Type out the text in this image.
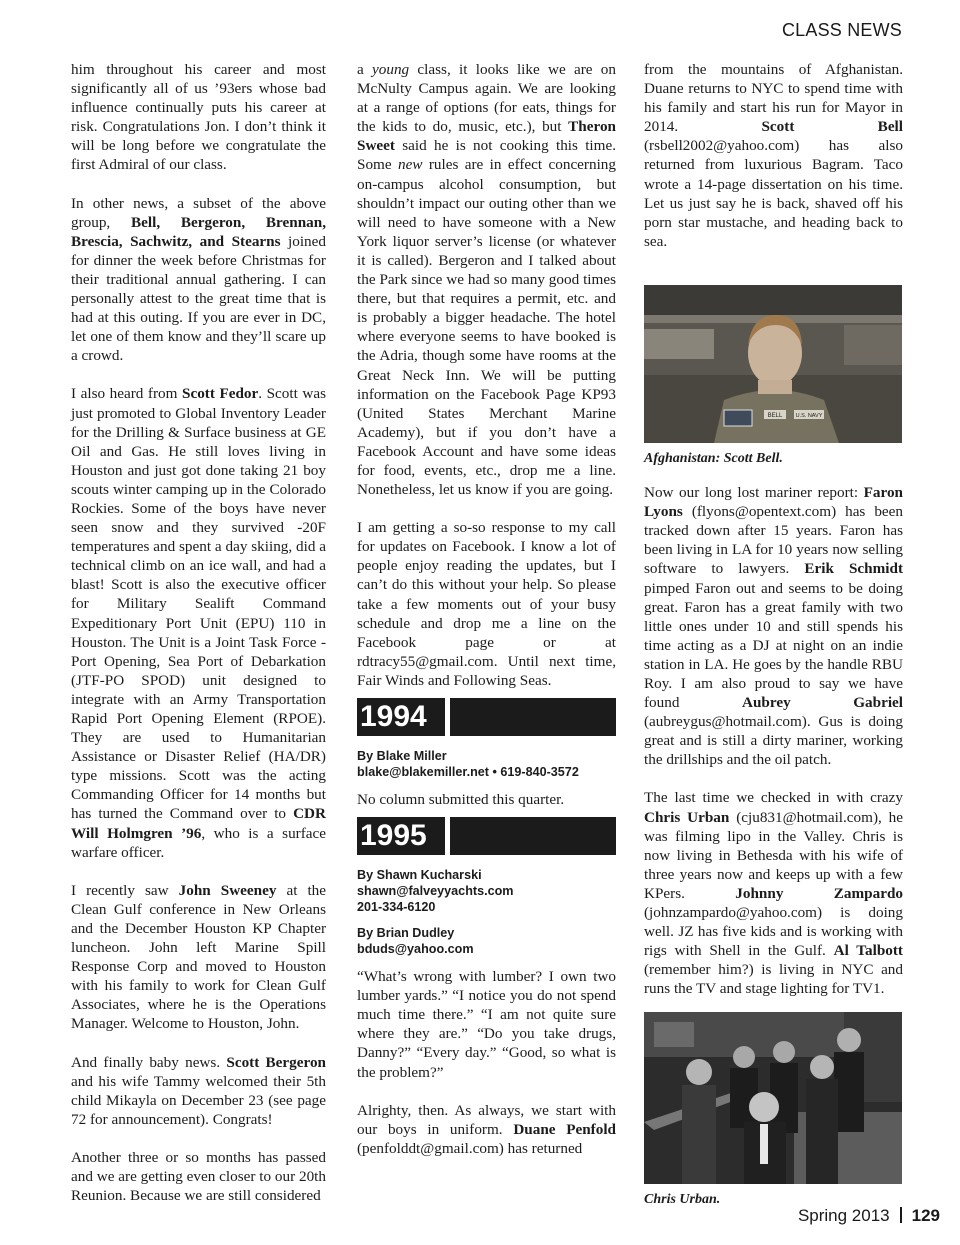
CLASS NEWS

him throughout his career and most significantly all of us ’93ers whose bad influence continually puts his career at risk. Congratulations Jon. I don’t think it will be long before we congratulate the first Admiral of our class.

In other news, a subset of the above group, Bell, Bergeron, Brennan, Brescia, Sachwitz, and Stearns joined for dinner the week before Christmas for their traditional annual gathering. I can personally attest to the great time that is had at this outing. If you are ever in DC, let one of them know and they’ll scare up a crowd.

I also heard from Scott Fedor. Scott was just promoted to Global Inventory Leader for the Drilling & Surface business at GE Oil and Gas. He still loves living in Houston and just got done taking 21 boy scouts winter camping up in the Colorado Rockies. Some of the boys have never seen snow and they survived -20F temperatures and spent a day skiing, did a technical climb on an ice wall, and had a blast! Scott is also the executive officer for Military Sealift Command Expeditionary Port Unit (EPU) 110 in Houston. The Unit is a Joint Task Force - Port Opening, Sea Port of Debarkation (JTF-PO SPOD) unit designed to integrate with an Army Transportation Rapid Port Opening Element (RPOE). They are used to Humanitarian Assistance or Disaster Relief (HA/DR) type missions. Scott was the acting Commanding Officer for 14 months but has turned the Command over to CDR Will Holmgren ’96, who is a surface warfare officer.

I recently saw John Sweeney at the Clean Gulf conference in New Orleans and the December Houston KP Chapter luncheon. John left Marine Spill Response Corp and moved to Houston with his family to work for Clean Gulf Associates, where he is the Operations Manager. Welcome to Houston, John.

And finally baby news. Scott Bergeron and his wife Tammy welcomed their 5th child Mikayla on December 23 (see page 72 for announcement). Congrats!

Another three or so months has passed and we are getting even closer to our 20th Reunion. Because we are still considered

a young class, it looks like we are on McNulty Campus again. We are looking at a range of options (for eats, things for the kids to do, music, etc.), but Theron Sweet said he is not cooking this time. Some new rules are in effect concerning on-campus alcohol consumption, but shouldn’t impact our outing other than we will need to have someone with a New York liquor server’s license (or whatever it is called). Bergeron and I talked about the Park since we had so many good times there, but that requires a permit, etc. and is probably a bigger headache. The hotel where everyone seems to have booked is the Adria, though some have rooms at the Great Neck Inn. We will be putting information on the Facebook Page KP93 (United States Merchant Marine Academy), but if you don’t have a Facebook Account and have some ideas for food, events, etc., drop me a line. Nonetheless, let us know if you are going.

I am getting a so-so response to my call for updates on Facebook. I know a lot of people enjoy reading the updates, but I can’t do this without your help. So please take a few moments out of your busy schedule and drop me a line on the Facebook page or at rdtracy55@gmail.com. Until next time, Fair Winds and Following Seas.

1994
By Blake Miller
blake@blakemiller.net • 619-840-3572

No column submitted this quarter.

1995
By Shawn Kucharski
shawn@falveyyachts.com
201-334-6120
By Brian Dudley
bduds@yahoo.com

“What’s wrong with lumber? I own two lumber yards.” “I notice you do not spend much time there.” “I am not quite sure where they are.” “Do you take drugs, Danny?” “Every day.” “Good, so what is the problem?”

Alrighty, then. As always, we start with our boys in uniform. Duane Penfold (penfolddt@gmail.com) has returned

from the mountains of Afghanistan. Duane returns to NYC to spend time with his family and start his run for Mayor in 2014. Scott Bell (rsbell2002@yahoo.com) has also returned from luxurious Bagram. Taco wrote a 14-page dissertation on his time. Let us just say he is back, shaved off his porn star mustache, and heading back to sea.

BELL U.S. NAVY
Afghanistan: Scott Bell.

Now our long lost mariner report: Faron Lyons (flyons@opentext.com) has been tracked down after 15 years. Faron has been living in LA for 10 years now selling software to lawyers. Erik Schmidt pimped Faron out and seems to be doing great. Faron has a great family with two little ones under 10 and still spends his time acting as a DJ at night on an indie station in LA. He goes by the handle RBU Roy. I am also proud to say we have found Aubrey Gabriel (aubreygus@hotmail.com). Gus is doing great and is still a dirty mariner, working the drillships and the oil patch.

The last time we checked in with crazy Chris Urban (cju831@hotmail.com), he was filming lipo in the Valley. Chris is now living in Bethesda with his wife of three years now and keeps up with a few KPers. Johnny Zampardo (johnzampardo@yahoo.com) is doing well. JZ has five kids and is working with rigs with Shell in the Gulf. Al Talbott (remember him?) is living in NYC and runs the TV and stage lighting for TV1.

Chris Urban.
Spring 2013 129
